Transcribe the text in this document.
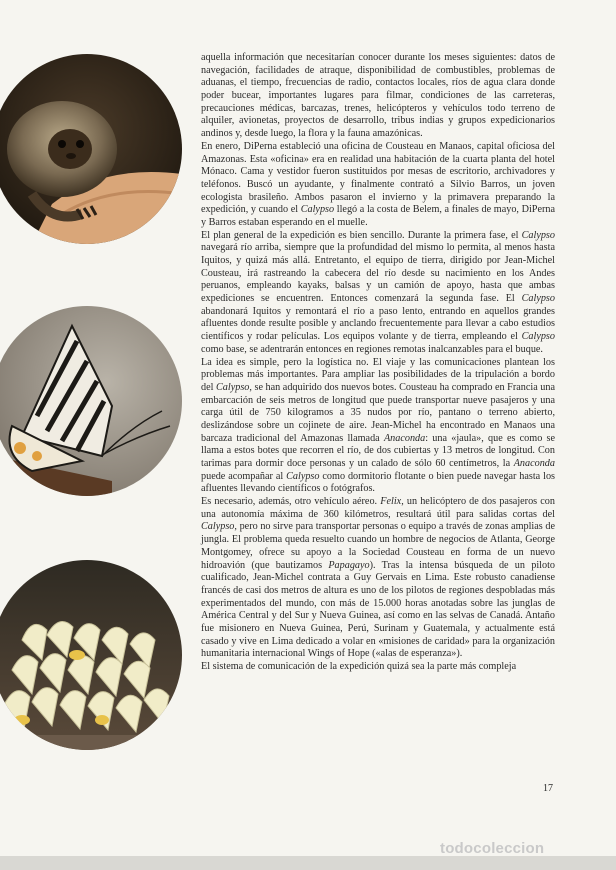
aquella información que necesitarían conocer durante los meses siguientes: datos de navegación, facilidades de atraque, disponibilidad de combustibles, problemas de aduanas, el tiempo, frecuencias de radio, contactos locales, ríos de agua clara donde poder bucear, importantes lugares para filmar, condiciones de las carreteras, precauciones médicas, barcazas, trenes, helicópteros y vehículos todo terreno de alquiler, avionetas, proyectos de desarrollo, tribus indias y grupos expedicionarios andinos y, desde luego, la flora y la fauna amazónicas.

En enero, DiPerna estableció una oficina de Cousteau en Manaos, capital oficiosa del Amazonas. Esta «oficina» era en realidad una habitación de la cuarta planta del hotel Mónaco. Cama y vestidor fueron sustituidos por mesas de escritorio, archivadores y teléfonos. Buscó un ayudante, y finalmente contrató a Silvio Barros, un joven ecologista brasileño. Ambos pasaron el invierno y la primavera preparando la expedición, y cuando el Calypso llegó a la costa de Belem, a finales de mayo, DiPerna y Barros estaban esperando en el muelle.

El plan general de la expedición es bien sencillo. Durante la primera fase, el Calypso navegará río arriba, siempre que la profundidad del mismo lo permita, al menos hasta Iquitos, y quizá más allá. Entretanto, el equipo de tierra, dirigido por Jean-Michel Cousteau, irá rastreando la cabecera del río desde su nacimiento en los Andes peruanos, empleando kayaks, balsas y un camión de apoyo, hasta que ambas expediciones se encuentren. Entonces comenzará la segunda fase. El Calypso abandonará Iquitos y remontará el río a paso lento, entrando en aquellos grandes afluentes donde resulte posible y anclando frecuentemente para llevar a cabo estudios científicos y rodar películas. Los equipos volante y de tierra, empleando el Calypso como base, se adentrarán entonces en regiones remotas inalcanzables para el buque.

La idea es simple, pero la logística no. El viaje y las comunicaciones plantean los problemas más importantes. Para ampliar las posibilidades de la tripulación a bordo del Calypso, se han adquirido dos nuevos botes. Cousteau ha comprado en Francia una embarcación de seis metros de longitud que puede transportar nueve pasajeros y una carga útil de 750 kilogramos a 35 nudos por río, pantano o terreno abierto, deslizándose sobre un cojinete de aire. Jean-Michel ha encontrado en Manaos una barcaza tradicional del Amazonas llamada Anaconda: una «jaula», que es como se llama a estos botes que recorren el río, de dos cubiertas y 13 metros de longitud. Con tarimas para dormir doce personas y un calado de sólo 60 centímetros, la Anaconda puede acompañar al Calypso como dormitorio flotante o bien puede navegar hasta los afluentes llevando científicos o fotógrafos.

Es necesario, además, otro vehículo aéreo. Felix, un helicóptero de dos pasajeros con una autonomía máxima de 360 kilómetros, resultará útil para salidas cortas del Calypso, pero no sirve para transportar personas o equipo a través de zonas amplias de jungla. El problema queda resuelto cuando un hombre de negocios de Atlanta, George Montgomey, ofrece su apoyo a la Sociedad Cousteau en forma de un nuevo hidroavión (que bautizamos Papagayo). Tras la intensa búsqueda de un piloto cualificado, Jean-Michel contrata a Guy Gervais en Lima. Este robusto canadiense francés de casi dos metros de altura es uno de los pilotos de regiones despobladas más experimentados del mundo, con más de 15.000 horas anotadas sobre las junglas de América Central y del Sur y Nueva Guinea, así como en las selvas de Canadá. Antaño fue misionero en Nueva Guinea, Perú, Surinam y Guatemala, y actualmente está casado y vive en Lima dedicado a volar en «misiones de caridad» para la organización humanitaria internacional Wings of Hope («alas de esperanza»).

El sistema de comunicación de la expedición quizá sea la parte más compleja

17
todocoleccion
